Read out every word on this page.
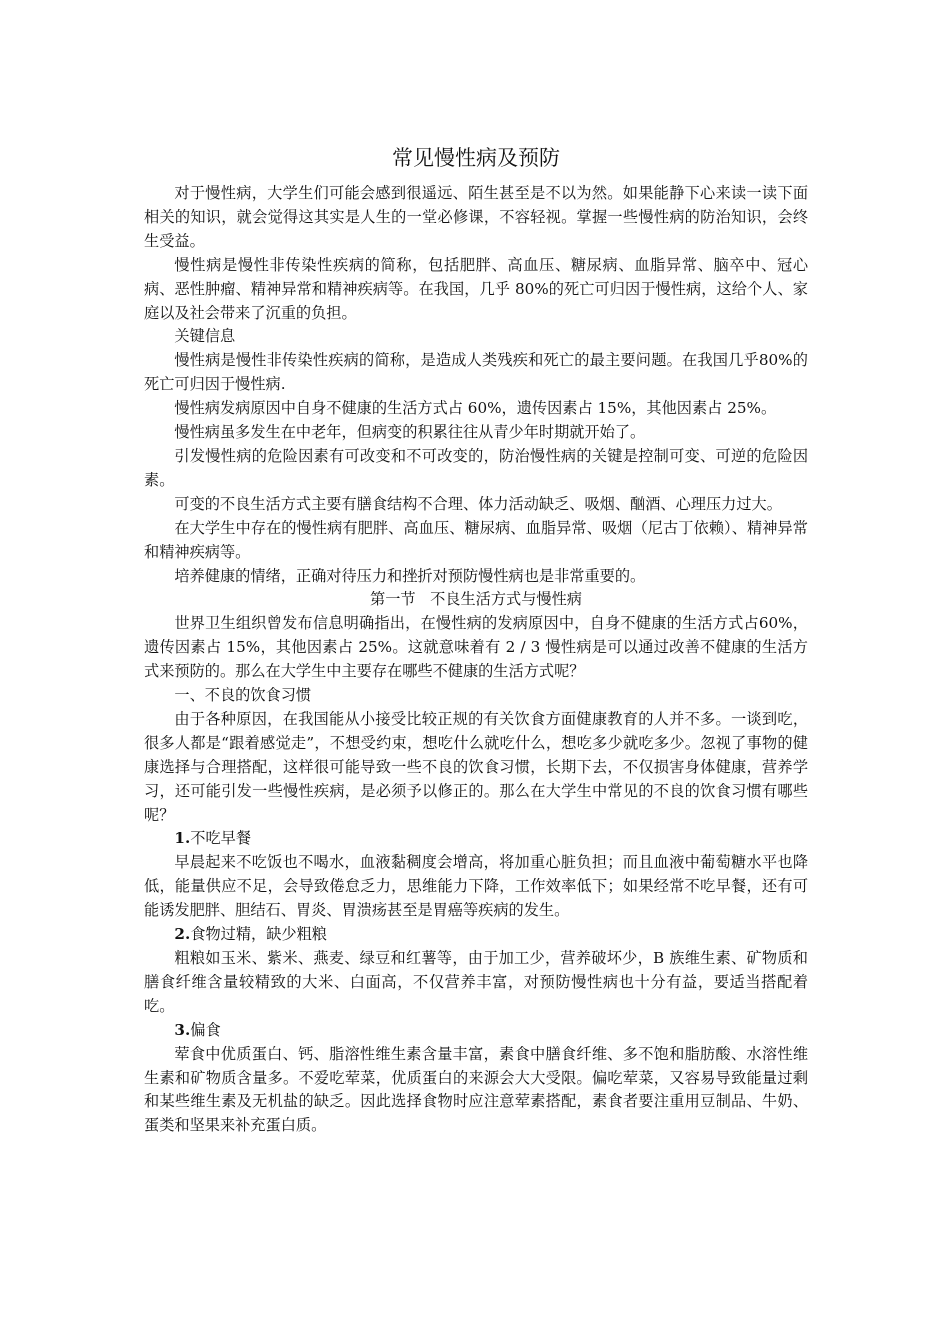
常见慢性病及预防

对于慢性病，大学生们可能会感到很遥远、陌生甚至是不以为然。如果能静下心来读一读下面相关的知识，就会觉得这其实是人生的一堂必修课，不容轻视。掌握一些慢性病的防治知识，会终生受益。

慢性病是慢性非传染性疾病的简称，包括肥胖、高血压、糖尿病、血脂异常、脑卒中、冠心病、恶性肿瘤、精神异常和精神疾病等。在我国，几乎 80%的死亡可归因于慢性病，这给个人、家庭以及社会带来了沉重的负担。

关键信息

慢性病是慢性非传染性疾病的简称，是造成人类残疾和死亡的最主要问题。在我国几乎80%的死亡可归因于慢性病.

慢性病发病原因中自身不健康的生活方式占 60%，遗传因素占 15%，其他因素占 25%。

慢性病虽多发生在中老年，但病变的积累往往从青少年时期就开始了。

引发慢性病的危险因素有可改变和不可改变的，防治慢性病的关键是控制可变、可逆的危险因素。

可变的不良生活方式主要有膳食结构不合理、体力活动缺乏、吸烟、酗酒、心理压力过大。

在大学生中存在的慢性病有肥胖、高血压、糖尿病、血脂异常、吸烟（尼古丁依赖）、精神异常和精神疾病等。

培养健康的情绪，正确对待压力和挫折对预防慢性病也是非常重要的。

第一节   不良生活方式与慢性病

世界卫生组织曾发布信息明确指出，在慢性病的发病原因中，自身不健康的生活方式占60%，遗传因素占 15%，其他因素占 25%。这就意味着有 2 / 3 慢性病是可以通过改善不健康的生活方式来预防的。那么在大学生中主要存在哪些不健康的生活方式呢？

一、不良的饮食习惯

由于各种原因，在我国能从小接受比较正规的有关饮食方面健康教育的人并不多。一谈到吃，很多人都是“跟着感觉走”，不想受约束，想吃什么就吃什么，想吃多少就吃多少。忽视了事物的健康选择与合理搭配，这样很可能导致一些不良的饮食习惯，长期下去，不仅损害身体健康，营养学习，还可能引发一些慢性疾病，是必须予以修正的。那么在大学生中常见的不良的饮食习惯有哪些呢？

1.不吃早餐

早晨起来不吃饭也不喝水，血液黏稠度会增高，将加重心脏负担；而且血液中葡萄糖水平也降低，能量供应不足，会导致倦怠乏力，思维能力下降，工作效率低下；如果经常不吃早餐，还有可能诱发肥胖、胆结石、胃炎、胃溃疡甚至是胃癌等疾病的发生。

2.食物过精，缺少粗粮

粗粮如玉米、紫米、燕麦、绿豆和红薯等，由于加工少，营养破坏少，B 族维生素、矿物质和膳食纤维含量较精致的大米、白面高，不仅营养丰富，对预防慢性病也十分有益，要适当搭配着吃。

3.偏食

荤食中优质蛋白、钙、脂溶性维生素含量丰富，素食中膳食纤维、多不饱和脂肪酸、水溶性维生素和矿物质含量多。不爱吃荤菜，优质蛋白的来源会大大受限。偏吃荤菜，又容易导致能量过剩和某些维生素及无机盐的缺乏。因此选择食物时应注意荤素搭配，素食者要注重用豆制品、牛奶、蛋类和坚果来补充蛋白质。
